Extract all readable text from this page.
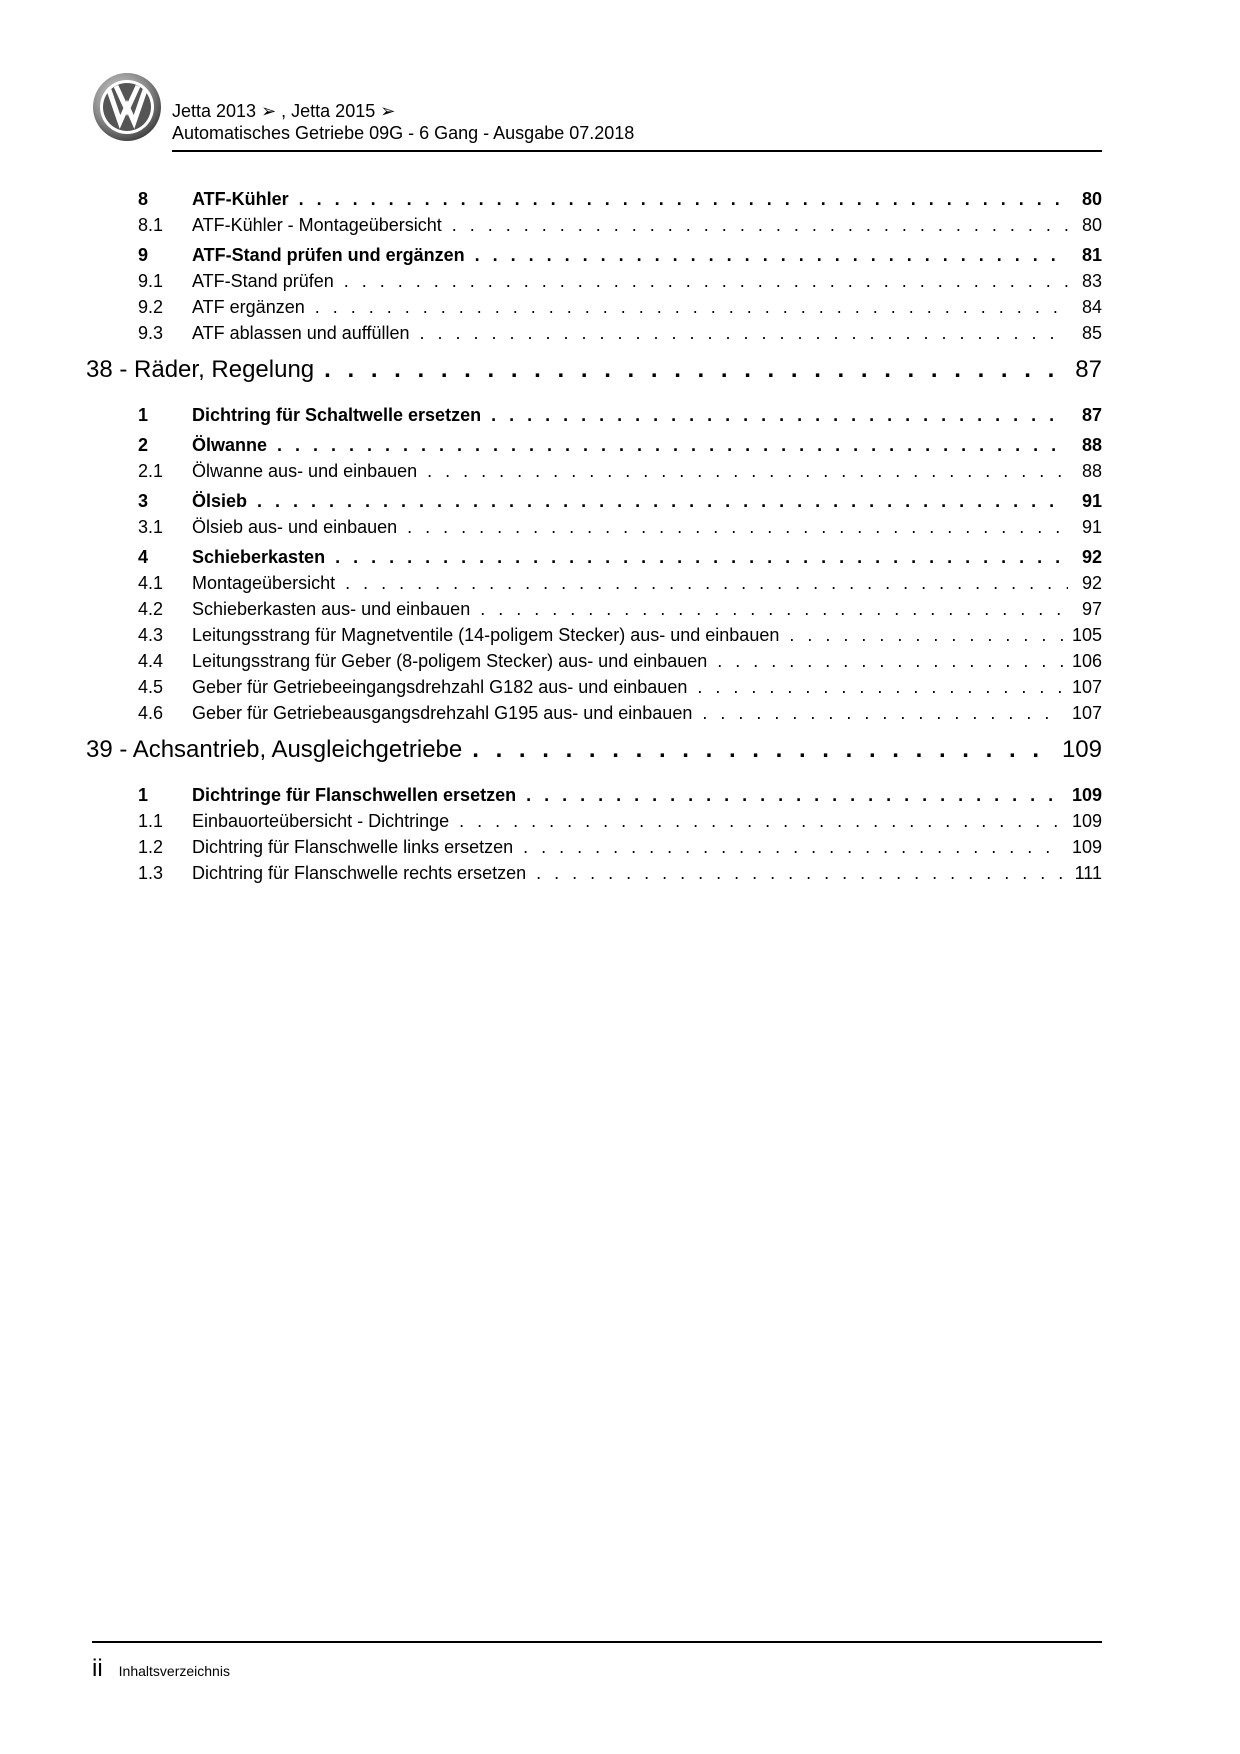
Jetta 2013 ➢ , Jetta 2015 ➢
Automatisches Getriebe 09G - 6 Gang - Ausgabe 07.2018
8	ATF-Kühler . . .	80
8.1	ATF-Kühler - Montageübersicht . . .	80
9	ATF-Stand prüfen und ergänzen . . .	81
9.1	ATF-Stand prüfen . . .	83
9.2	ATF ergänzen . . .	84
9.3	ATF ablassen und auffüllen . . .	85
38 - Räder, Regelung . . .	87
1	Dichtring für Schaltwelle ersetzen . . .	87
2	Ölwanne . . .	88
2.1	Ölwanne aus- und einbauen . . .	88
3	Ölsieb . . .	91
3.1	Ölsieb aus- und einbauen . . .	91
4	Schieberkasten . . .	92
4.1	Montageübersicht . . .	92
4.2	Schieberkasten aus- und einbauen . . .	97
4.3	Leitungsstrang für Magnetventile (14-poligem Stecker) aus- und einbauen . . .	105
4.4	Leitungsstrang für Geber (8-poligem Stecker) aus- und einbauen . . .	106
4.5	Geber für Getriebeeingangsdrehzahl G182 aus- und einbauen . . .	107
4.6	Geber für Getriebeausgangsdrehzahl G195 aus- und einbauen . . .	107
39 - Achsantrieb, Ausgleichgetriebe . . .	109
1	Dichtringe für Flanschwellen ersetzen . . .	109
1.1	Einbauorteübersicht - Dichtringe . . .	109
1.2	Dichtring für Flanschwelle links ersetzen . . .	109
1.3	Dichtring für Flanschwelle rechts ersetzen . . .	111
ii Inhaltsverzeichnis
